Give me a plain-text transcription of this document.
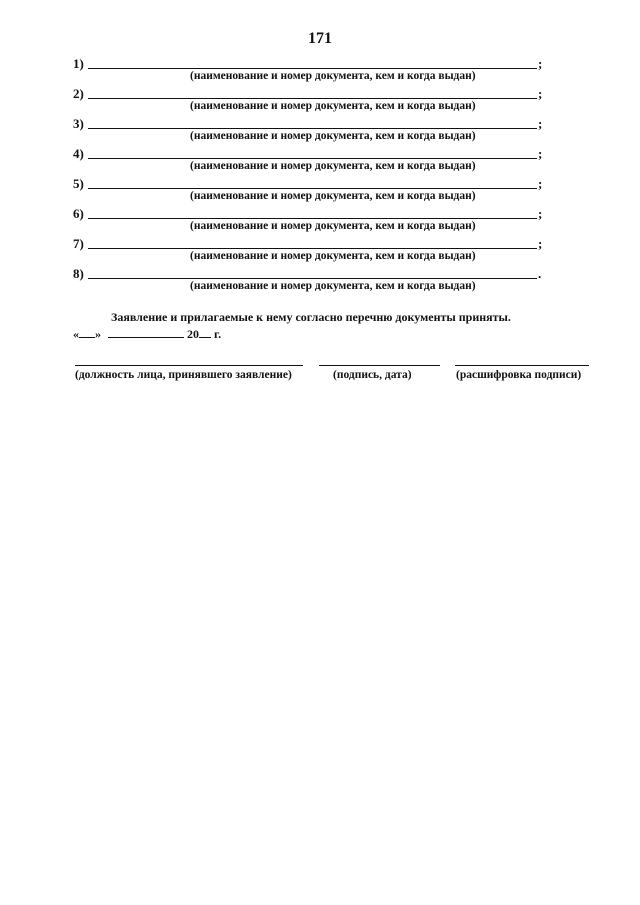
171
1)	;
(наименование и номер документа, кем и когда выдан)
2)	;
(наименование и номер документа, кем и когда выдан)
3)	;
(наименование и номер документа, кем и когда выдан)
4)	;
(наименование и номер документа, кем и когда выдан)
5)	;
(наименование и номер документа, кем и когда выдан)
6)	;
(наименование и номер документа, кем и когда выдан)
7)	;
(наименование и номер документа, кем и когда выдан)
8)	.
(наименование и номер документа, кем и когда выдан)
Заявление и прилагаемые к нему согласно перечню документы приняты.
« »	20 г.
(должность лица, принявшего заявление)	(подпись, дата)	(расшифровка подписи)
